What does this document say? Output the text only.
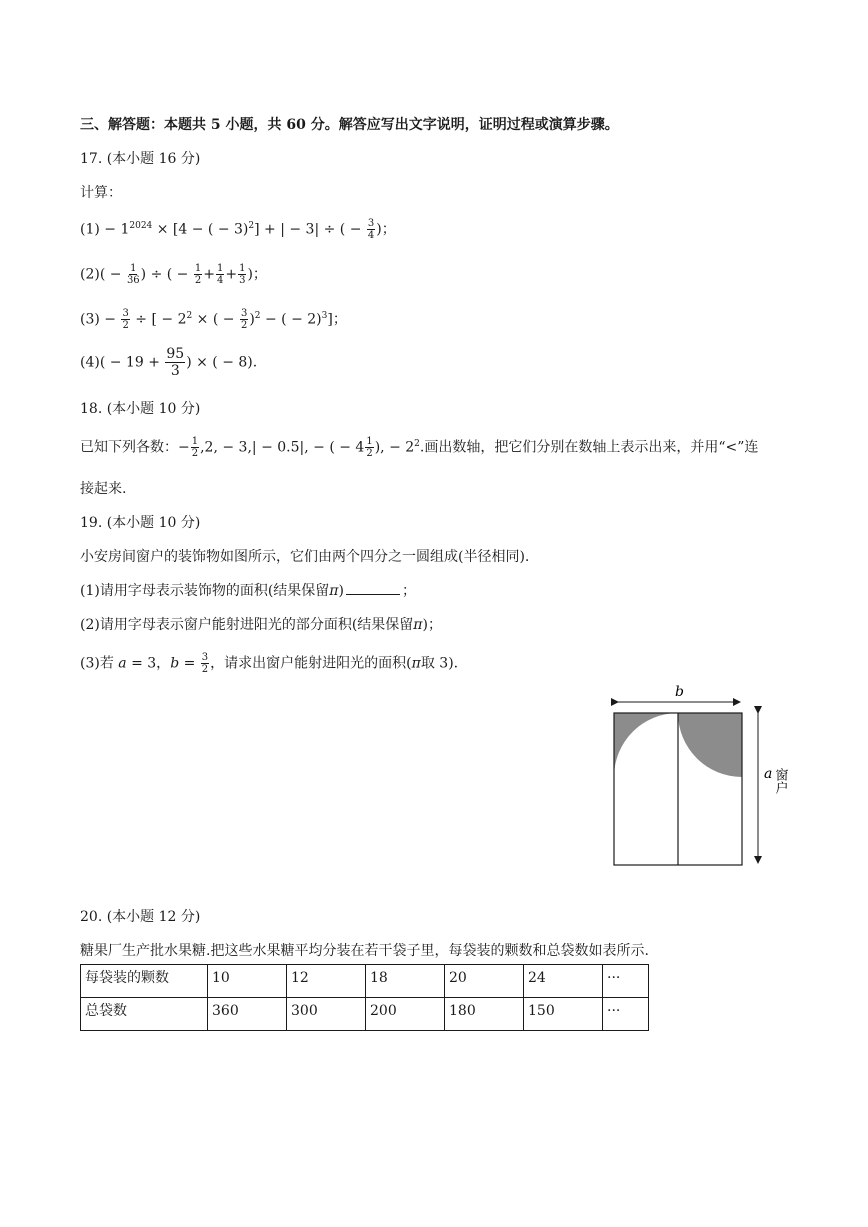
三、解答题：本题共 5 小题，共 60 分。解答应写出文字说明，证明过程或演算步骤。
17. (本小题 16 分)
计算：
$(1) - 1^{2024} \times [4$ − ( − 3)$^2$] + | − 3| ÷ ( − $\frac{3}{4}$ )；
$(2)( - \frac{1}{36}$ ) ÷ ( − $\frac{1}{2} + \frac{1}{4} + \frac{1}{3}$ )；
$(3) - \frac{3}{2}$ ÷ [ − $2^2$ × ( − $\frac{3}{2} )^2$ − ( − 2)$^3$]；
$(4)( - 19 + \frac{95}{3}$ ) × ( − 8).
18. (本小题 10 分)
已知下列各数：− $\frac{1}{2} ,2$, − 3,| − 0.5|, − ( − $4 \frac{1}{2}$ ), − $2^2$.画出数轴，把它们分别在数轴上表示出来，并用“<”连
接起来.
19. (本小题 10 分)
小安房间窗户的装饰物如图所示，它们由两个四分之一圆组成(半径相同).
(1)请用字母表示装饰物的面积(结果保留π)	；
(2)请用字母表示窗户能射进阳光的部分面积(结果保留π)；
(3)若 a = 3，$b = \frac{3}{2}$ ，请求出窗户能射进阳光的面积(π取 3).
b
a 窗户
20. (本小题 12 分)
糖果厂生产批水果糖.把这些水果糖平均分装在若干袋子里，每袋装的颗数和总袋数如表所示.
每袋装的颗数	10	12	18	20	24	···
总袋数	360	300	200	180	150	···
